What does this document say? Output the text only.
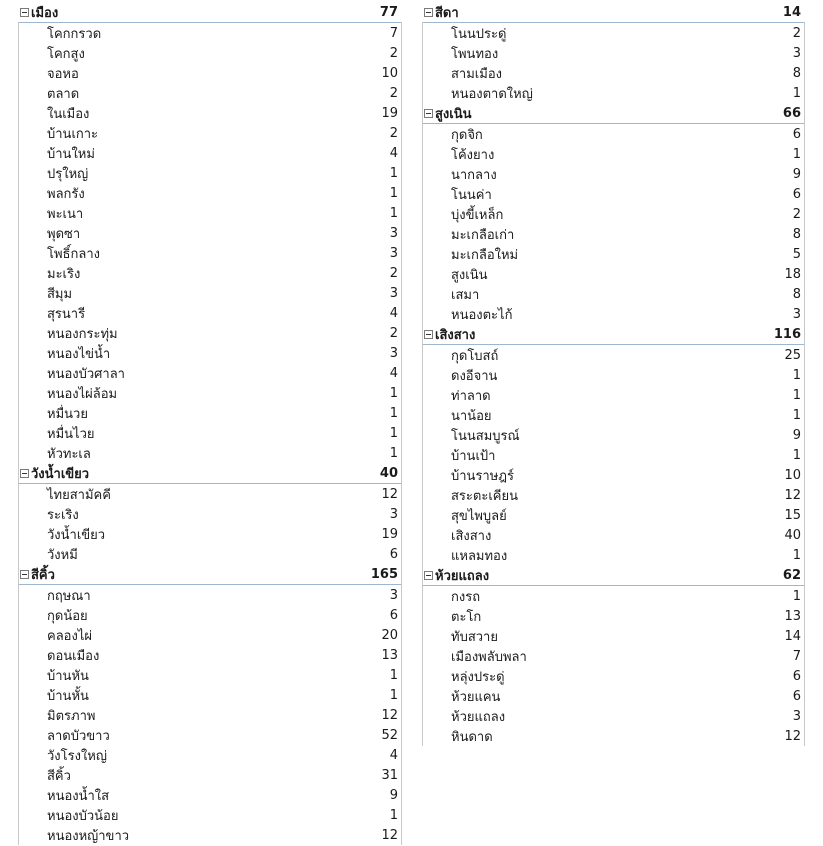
เมือง	77
โคกกรวด	7
โคกสูง	2
จอหอ	10
ตลาด	2
ในเมือง	19
บ้านเกาะ	2
บ้านใหม่	4
ปรุใหญ่	1
พลกรัง	1
พะเนา	1
พุดซา	3
โพธิ์กลาง	3
มะเริง	2
สีมุม	3
สุรนารี	4
หนองกระทุ่ม	2
หนองไข่น้ำ	3
หนองบัวศาลา	4
หนองไผ่ล้อม	1
หมื่นวย	1
หมื่นไวย	1
หัวทะเล	1
วังน้ำเขียว	40
ไทยสามัคคี	12
ระเริง	3
วังน้ำเขียว	19
วังหมี	6
สีคิ้ว	165
กฤษณา	3
กุดน้อย	6
คลองไผ่	20
ดอนเมือง	13
บ้านหัน	1
บ้านหั้น	1
มิตรภาพ	12
ลาดบัวขาว	52
วังโรงใหญ่	4
สีคิ้ว	31
หนองน้ำใส	9
หนองบัวน้อย	1
หนองหญ้าขาว	12
สีดา	14
โนนประดู่	2
โพนทอง	3
สามเมือง	8
หนองตาดใหญ่	1
สูงเนิน	66
กุดจิก	6
โค้งยาง	1
นากลาง	9
โนนค่า	6
บุ่งขี้เหล็ก	2
มะเกลือเก่า	8
มะเกลือใหม่	5
สูงเนิน	18
เสมา	8
หนองตะไก้	3
เสิงสาง	116
กุดโบสถ์	25
ดงอีจาน	1
ท่าลาด	1
นาน้อย	1
โนนสมบูรณ์	9
บ้านเป้า	1
บ้านราษฎร์	10
สระตะเคียน	12
สุขไพบูลย์	15
เสิงสาง	40
แหลมทอง	1
ห้วยแถลง	62
กงรถ	1
ตะโก	13
ทับสวาย	14
เมืองพลับพลา	7
หลุ่งประดู่	6
ห้วยแคน	6
ห้วยแถลง	3
หินดาด	12
